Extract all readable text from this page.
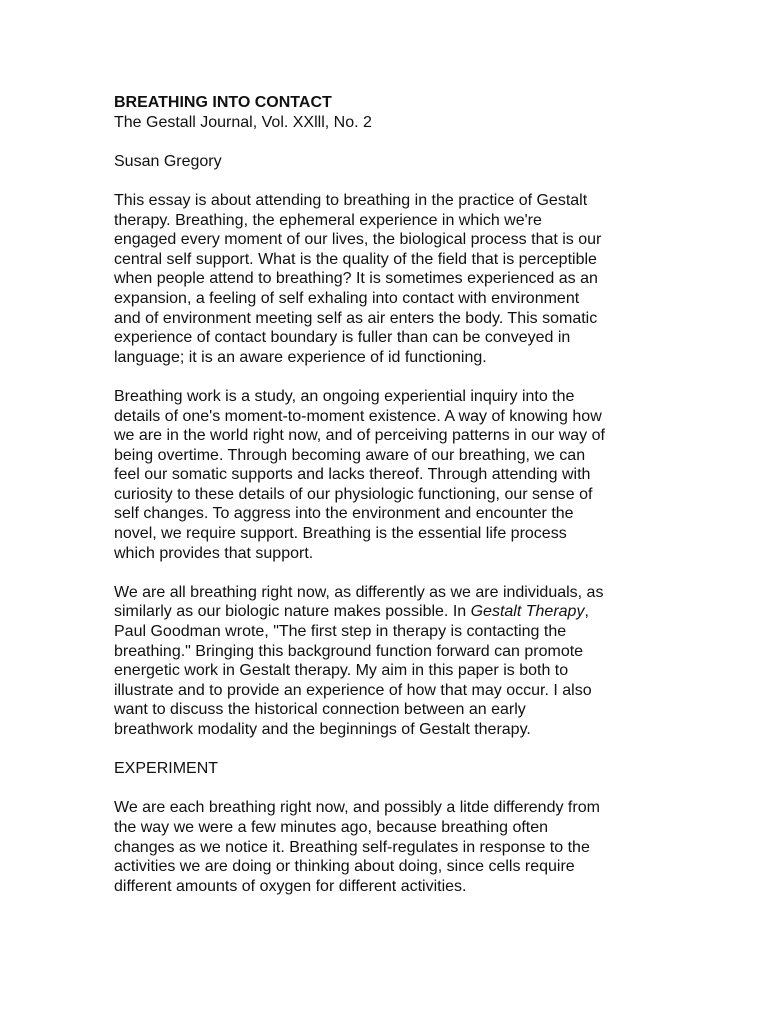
BREATHING INTO CONTACT

The Gestall Journal, Vol. XXlll, No. 2

Susan Gregory

This essay is about attending to breathing in the practice of Gestalt
therapy. Breathing, the ephemeral experience in which we're
engaged every moment of our lives, the biological process that is our
central self support. What is the quality of the field that is perceptible
when people attend to breathing? It is sometimes experienced as an
expansion, a feeling of self exhaling into contact with environment
and of environment meeting self as air enters the body. This somatic
experience of contact boundary is fuller than can be conveyed in
language; it is an aware experience of id functioning.

Breathing work is a study, an ongoing experiential inquiry into the
details of one's moment-to-moment existence. A way of knowing how
we are in the world right now, and of perceiving patterns in our way of
being overtime. Through becoming aware of our breathing, we can
feel our somatic supports and lacks thereof. Through attending with
curiosity to these details of our physiologic functioning, our sense of
self changes. To aggress into the environment and encounter the
novel, we require support. Breathing is the essential life process
which provides that support.

We are all breathing right now, as differently as we are individuals, as
similarly as our biologic nature makes possible. In Gestalt Therapy,
Paul Goodman wrote, "The first step in therapy is contacting the
breathing." Bringing this background function forward can promote
energetic work in Gestalt therapy. My aim in this paper is both to
illustrate and to provide an experience of how that may occur. I also
want to discuss the historical connection between an early
breathwork modality and the beginnings of Gestalt therapy.

EXPERIMENT

We are each breathing right now, and possibly a litde differendy from
the way we were a few minutes ago, because breathing often
changes as we notice it. Breathing self-regulates in response to the
activities we are doing or thinking about doing, since cells require
different amounts of oxygen for different activities.
